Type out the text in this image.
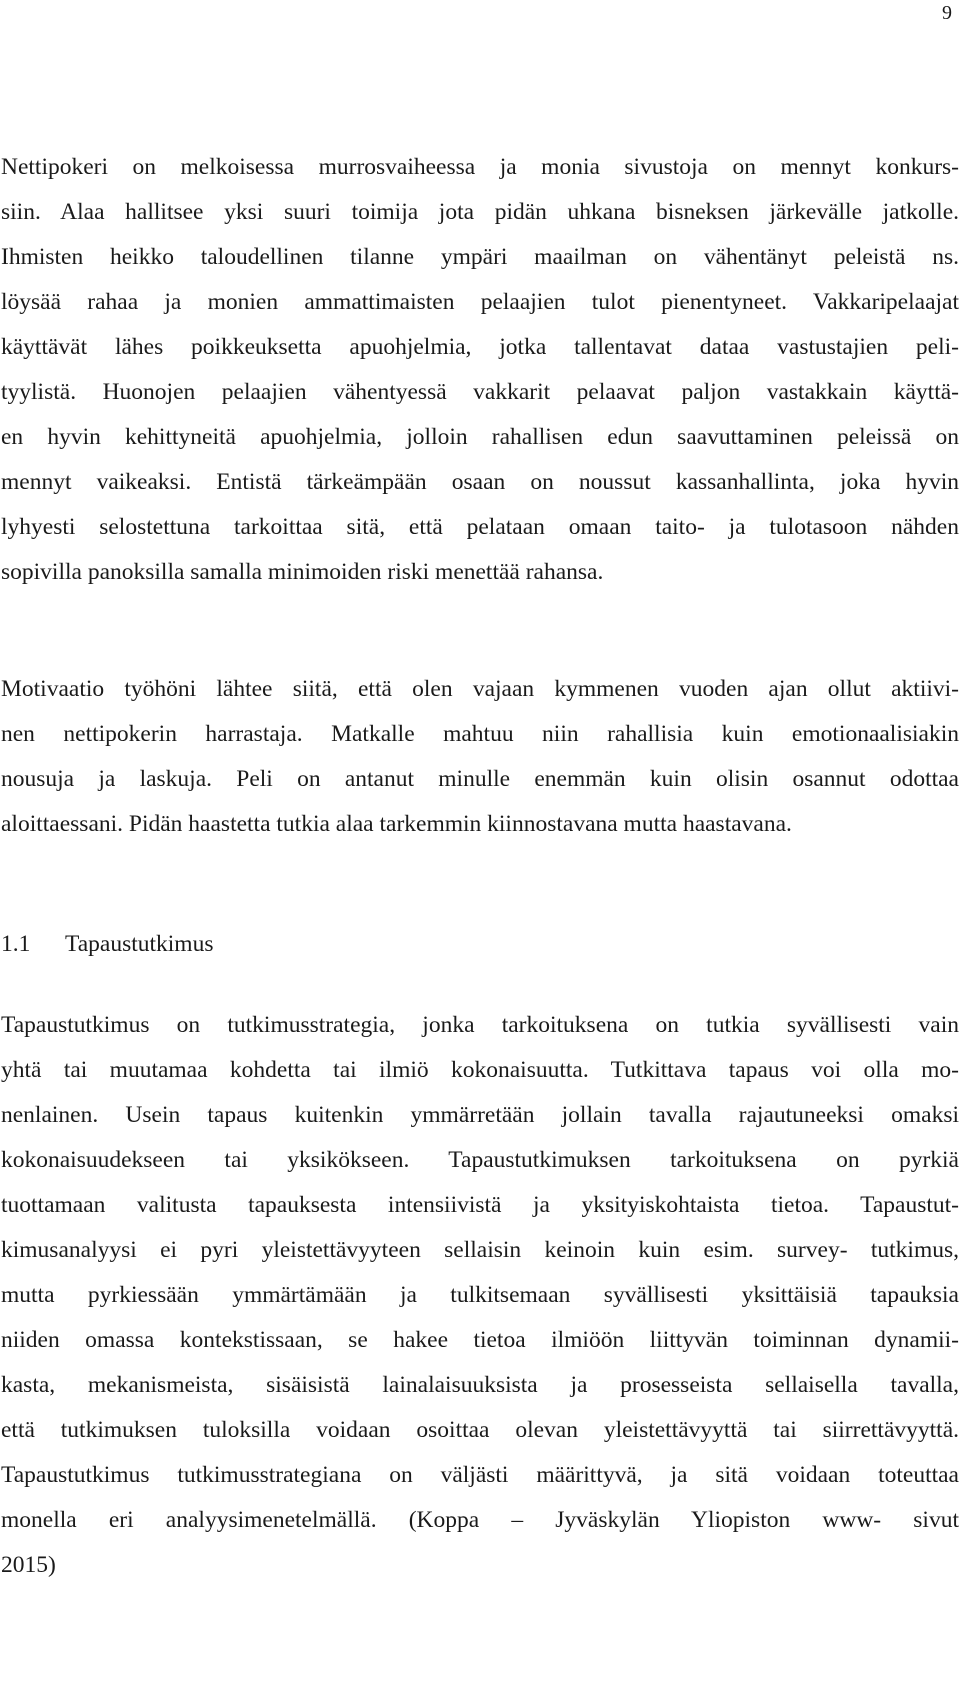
9
Nettipokeri on melkoisessa murrosvaiheessa ja monia sivustoja on mennyt konkurs-
siin. Alaa hallitsee yksi suuri toimija jota pidän uhkana bisneksen järkevälle jatkolle.
Ihmisten heikko taloudellinen tilanne ympäri maailman on vähentänyt peleistä ns.
löysää rahaa ja monien ammattimaisten pelaajien tulot pienentyneet. Vakkaripelaajat
käyttävät lähes poikkeuksetta apuohjelmia, jotka tallentavat dataa vastustajien peli-
tyylistä. Huonojen pelaajien vähentyessä vakkarit pelaavat paljon vastakkain käyttä-
en hyvin kehittyneitä apuohjelmia, jolloin rahallisen edun saavuttaminen peleissä on
mennyt vaikeaksi. Entistä tärkeämpään osaan on noussut kassanhallinta, joka hyvin
lyhyesti selostettuna tarkoittaa sitä, että pelataan omaan taito- ja tulotasoon nähden
sopivilla panoksilla samalla minimoiden riski menettää rahansa.
Motivaatio työhöni lähtee siitä, että olen vajaan kymmenen vuoden ajan ollut aktiivi-
nen nettipokerin harrastaja. Matkalle mahtuu niin rahallisia kuin emotionaalisiakin
nousuja ja laskuja. Peli on antanut minulle enemmän kuin olisin osannut odottaa
aloittaessani. Pidän haastetta tutkia alaa tarkemmin kiinnostavana mutta haastavana.
1.1 Tapaustutkimus
Tapaustutkimus on tutkimusstrategia, jonka tarkoituksena on tutkia syvällisesti vain
yhtä tai muutamaa kohdetta tai ilmiö kokonaisuutta. Tutkittava tapaus voi olla mo-
nenlainen. Usein tapaus kuitenkin ymmärretään jollain tavalla rajautuneeksi omaksi
kokonaisuudekseen tai yksikökseen. Tapaustutkimuksen tarkoituksena on pyrkiä
tuottamaan valitusta tapauksesta intensiivistä ja yksityiskohtaista tietoa. Tapaustut-
kimusanalyysi ei pyri yleistettävyyteen sellaisin keinoin kuin esim. survey- tutkimus,
mutta pyrkiessään ymmärtämään ja tulkitsemaan syvällisesti yksittäisiä tapauksia
niiden omassa kontekstissaan, se hakee tietoa ilmiöön liittyvän toiminnan dynamii-
kasta, mekanismeista, sisäisistä lainalaisuuksista ja prosesseista sellaisella tavalla,
että tutkimuksen tuloksilla voidaan osoittaa olevan yleistettävyyttä tai siirrettävyyttä.
Tapaustutkimus tutkimusstrategiana on väljästi määrittyvä, ja sitä voidaan toteuttaa
monella eri analyysimenetelmällä. (Koppa – Jyväskylän Yliopiston www- sivut
2015)
